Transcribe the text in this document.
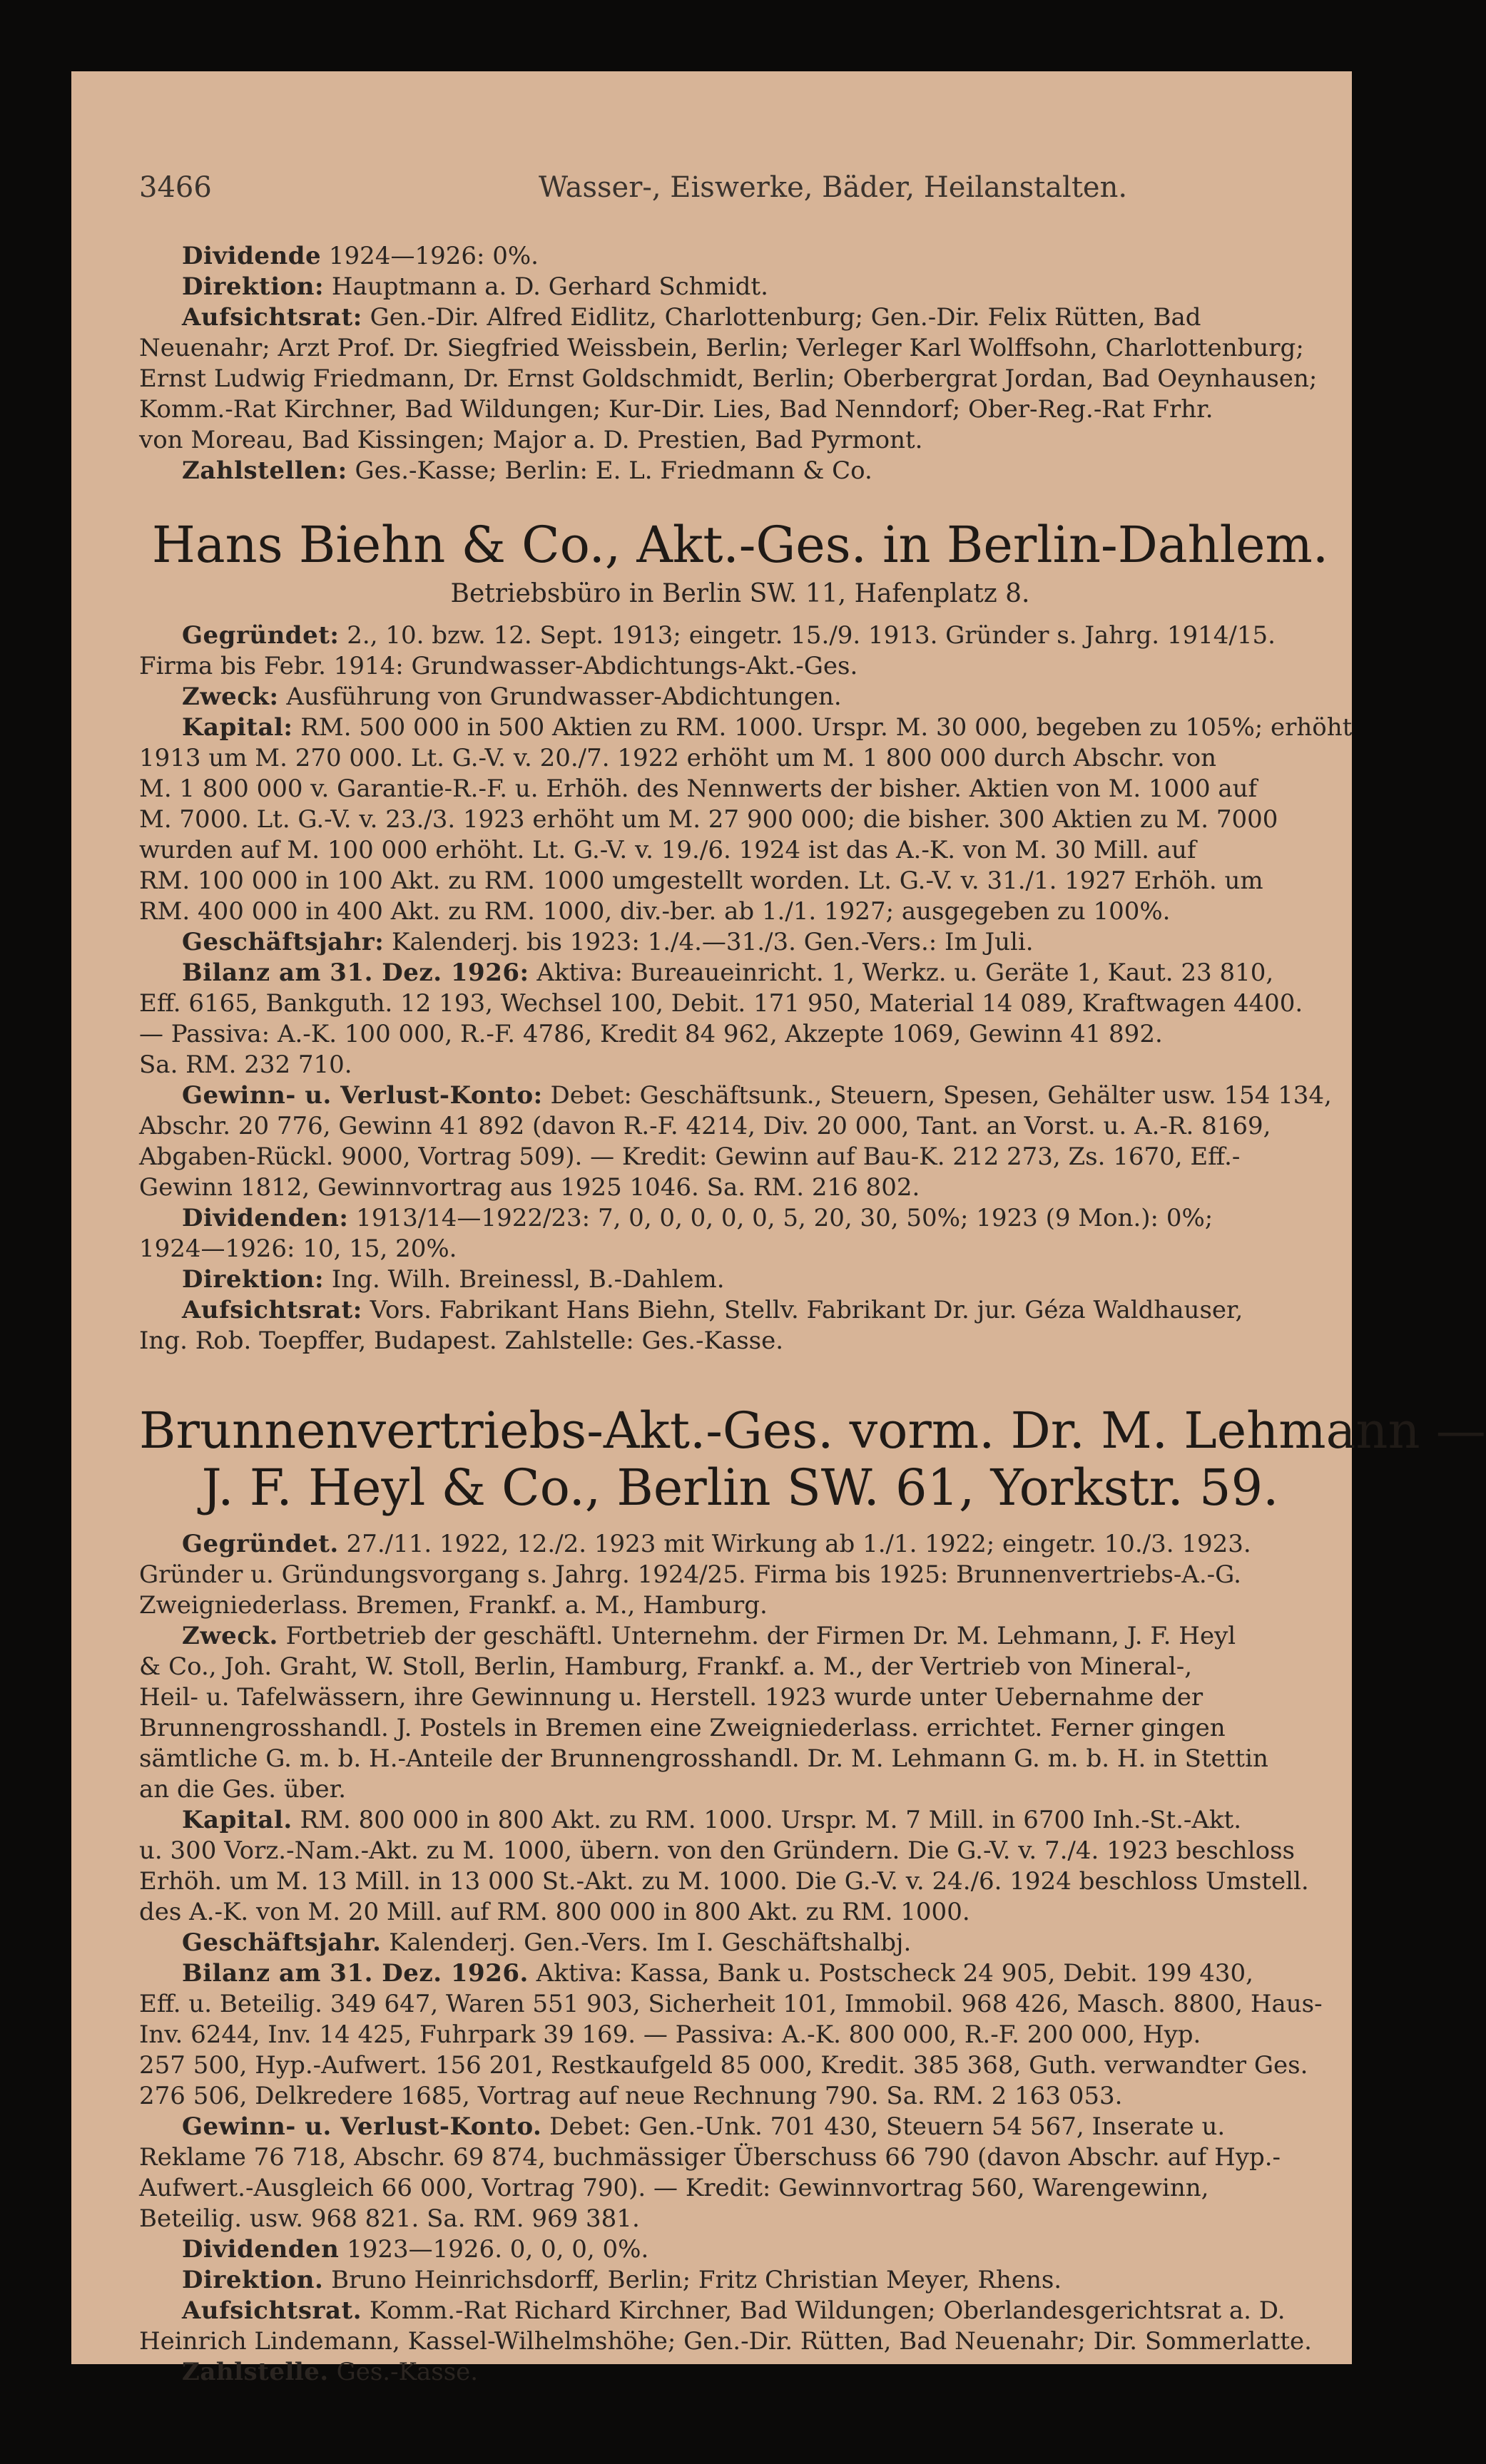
3466	Wasser-, Eiswerke, Bäder, Heilanstalten.
Dividende 1924—1926: 0%.
Direktion: Hauptmann a. D. Gerhard Schmidt.
Aufsichtsrat: Gen.-Dir. Alfred Eidlitz, Charlottenburg; Gen.-Dir. Felix Rütten, Bad
Neuenahr; Arzt Prof. Dr. Siegfried Weissbein, Berlin; Verleger Karl Wolffsohn, Charlottenburg;
Ernst Ludwig Friedmann, Dr. Ernst Goldschmidt, Berlin; Oberbergrat Jordan, Bad Oeynhausen;
Komm.-Rat Kirchner, Bad Wildungen; Kur-Dir. Lies, Bad Nenndorf; Ober-Reg.-Rat Frhr.
von Moreau, Bad Kissingen; Major a. D. Prestien, Bad Pyrmont.
Zahlstellen: Ges.-Kasse; Berlin: E. L. Friedmann & Co.
Hans Biehn & Co., Akt.-Ges. in Berlin-Dahlem.
Betriebsbüro in Berlin SW. 11, Hafenplatz 8.
Gegründet: 2., 10. bzw. 12. Sept. 1913; eingetr. 15./9. 1913. Gründer s. Jahrg. 1914/15.
Firma bis Febr. 1914: Grundwasser-Abdichtungs-Akt.-Ges.
Zweck: Ausführung von Grundwasser-Abdichtungen.
Kapital: RM. 500 000 in 500 Aktien zu RM. 1000. Urspr. M. 30 000, begeben zu 105%; erhöht
1913 um M. 270 000. Lt. G.-V. v. 20./7. 1922 erhöht um M. 1 800 000 durch Abschr. von
M. 1 800 000 v. Garantie-R.-F. u. Erhöh. des Nennwerts der bisher. Aktien von M. 1000 auf
M. 7000. Lt. G.-V. v. 23./3. 1923 erhöht um M. 27 900 000; die bisher. 300 Aktien zu M. 7000
wurden auf M. 100 000 erhöht. Lt. G.-V. v. 19./6. 1924 ist das A.-K. von M. 30 Mill. auf
RM. 100 000 in 100 Akt. zu RM. 1000 umgestellt worden. Lt. G.-V. v. 31./1. 1927 Erhöh. um
RM. 400 000 in 400 Akt. zu RM. 1000, div.-ber. ab 1./1. 1927; ausgegeben zu 100%.
Geschäftsjahr: Kalenderj. bis 1923: 1./4.—31./3. Gen.-Vers.: Im Juli.
Bilanz am 31. Dez. 1926: Aktiva: Bureaueinricht. 1, Werkz. u. Geräte 1, Kaut. 23 810,
Eff. 6165, Bankguth. 12 193, Wechsel 100, Debit. 171 950, Material 14 089, Kraftwagen 4400.
— Passiva: A.-K. 100 000, R.-F. 4786, Kredit 84 962, Akzepte 1069, Gewinn 41 892.
Sa. RM. 232 710.
Gewinn- u. Verlust-Konto: Debet: Geschäftsunk., Steuern, Spesen, Gehälter usw. 154 134,
Abschr. 20 776, Gewinn 41 892 (davon R.-F. 4214, Div. 20 000, Tant. an Vorst. u. A.-R. 8169,
Abgaben-Rückl. 9000, Vortrag 509). — Kredit: Gewinn auf Bau-K. 212 273, Zs. 1670, Eff.-
Gewinn 1812, Gewinnvortrag aus 1925 1046. Sa. RM. 216 802.
Dividenden: 1913/14—1922/23: 7, 0, 0, 0, 0, 0, 5, 20, 30, 50%; 1923 (9 Mon.): 0%;
1924—1926: 10, 15, 20%.
Direktion: Ing. Wilh. Breinessl, B.-Dahlem.
Aufsichtsrat: Vors. Fabrikant Hans Biehn, Stellv. Fabrikant Dr. jur. Géza Waldhauser,
Ing. Rob. Toepffer, Budapest. Zahlstelle: Ges.-Kasse.
Brunnenvertriebs-Akt.-Ges. vorm. Dr. M. Lehmann —
J. F. Heyl & Co., Berlin SW. 61, Yorkstr. 59.
Gegründet. 27./11. 1922, 12./2. 1923 mit Wirkung ab 1./1. 1922; eingetr. 10./3. 1923.
Gründer u. Gründungsvorgang s. Jahrg. 1924/25. Firma bis 1925: Brunnenvertriebs-A.-G.
Zweigniederlass. Bremen, Frankf. a. M., Hamburg.
Zweck. Fortbetrieb der geschäftl. Unternehm. der Firmen Dr. M. Lehmann, J. F. Heyl
& Co., Joh. Graht, W. Stoll, Berlin, Hamburg, Frankf. a. M., der Vertrieb von Mineral-,
Heil- u. Tafelwässern, ihre Gewinnung u. Herstell. 1923 wurde unter Uebernahme der
Brunnengrosshandl. J. Postels in Bremen eine Zweigniederlass. errichtet. Ferner gingen
sämtliche G. m. b. H.-Anteile der Brunnengrosshandl. Dr. M. Lehmann G. m. b. H. in Stettin
an die Ges. über.
Kapital. RM. 800 000 in 800 Akt. zu RM. 1000. Urspr. M. 7 Mill. in 6700 Inh.-St.-Akt.
u. 300 Vorz.-Nam.-Akt. zu M. 1000, übern. von den Gründern. Die G.-V. v. 7./4. 1923 beschloss
Erhöh. um M. 13 Mill. in 13 000 St.-Akt. zu M. 1000. Die G.-V. v. 24./6. 1924 beschloss Umstell.
des A.-K. von M. 20 Mill. auf RM. 800 000 in 800 Akt. zu RM. 1000.
Geschäftsjahr. Kalenderj. Gen.-Vers. Im I. Geschäftshalbj.
Bilanz am 31. Dez. 1926. Aktiva: Kassa, Bank u. Postscheck 24 905, Debit. 199 430,
Eff. u. Beteilig. 349 647, Waren 551 903, Sicherheit 101, Immobil. 968 426, Masch. 8800, Haus-
Inv. 6244, Inv. 14 425, Fuhrpark 39 169. — Passiva: A.-K. 800 000, R.-F. 200 000, Hyp.
257 500, Hyp.-Aufwert. 156 201, Restkaufgeld 85 000, Kredit. 385 368, Guth. verwandter Ges.
276 506, Delkredere 1685, Vortrag auf neue Rechnung 790. Sa. RM. 2 163 053.
Gewinn- u. Verlust-Konto. Debet: Gen.-Unk. 701 430, Steuern 54 567, Inserate u.
Reklame 76 718, Abschr. 69 874, buchmässiger Überschuss 66 790 (davon Abschr. auf Hyp.-
Aufwert.-Ausgleich 66 000, Vortrag 790). — Kredit: Gewinnvortrag 560, Warengewinn,
Beteilig. usw. 968 821. Sa. RM. 969 381.
Dividenden 1923—1926. 0, 0, 0, 0%.
Direktion. Bruno Heinrichsdorff, Berlin; Fritz Christian Meyer, Rhens.
Aufsichtsrat. Komm.-Rat Richard Kirchner, Bad Wildungen; Oberlandesgerichtsrat a. D.
Heinrich Lindemann, Kassel-Wilhelmshöhe; Gen.-Dir. Rütten, Bad Neuenahr; Dir. Sommerlatte.
Zahlstelle. Ges.-Kasse.
